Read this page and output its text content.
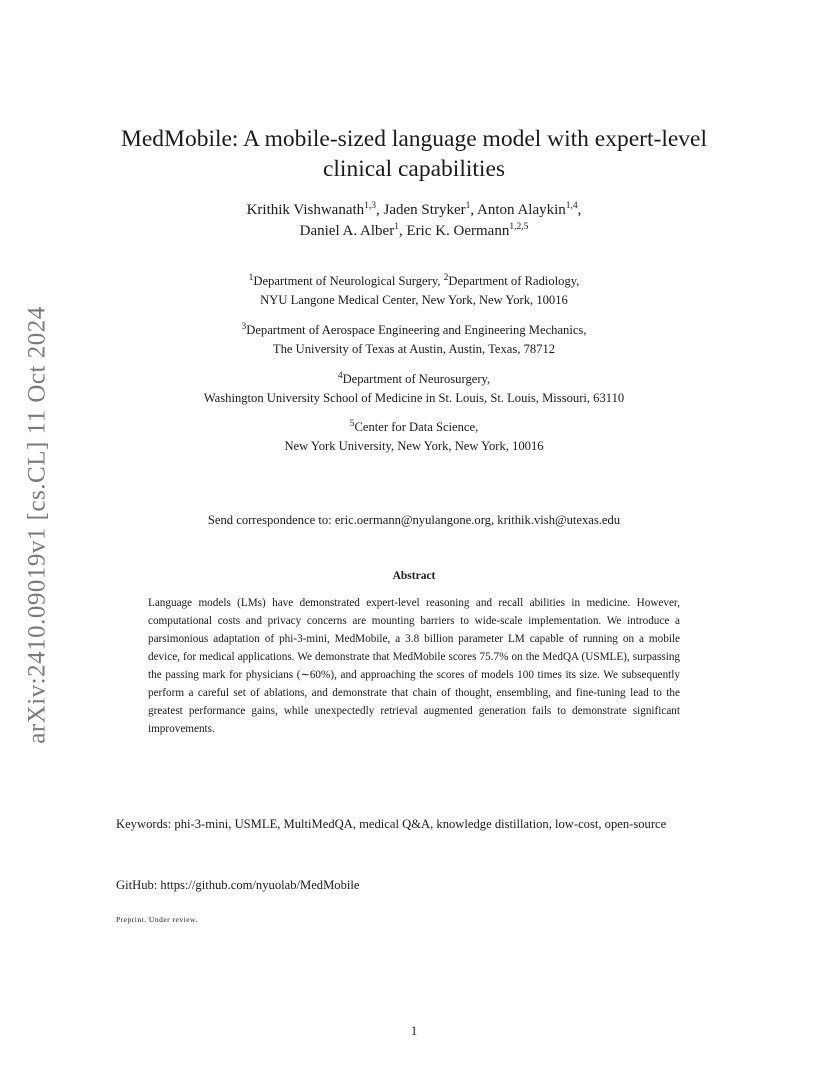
arXiv:2410.09019v1 [cs.CL] 11 Oct 2024
MedMobile: A mobile-sized language model with expert-level
clinical capabilities
Krithik Vishwanath$^{1,3}$, Jaden Stryker$^1$, Anton Alaykin$^{1,4}$,
Daniel A. Alber$^1$, Eric K. Oermann$^{1,2,5}$
$^1$Department of Neurological Surgery, $^2$Department of Radiology,
NYU Langone Medical Center, New York, New York, 10016
$^3$Department of Aerospace Engineering and Engineering Mechanics,
The University of Texas at Austin, Austin, Texas, 78712
$^4$Department of Neurosurgery,
Washington University School of Medicine in St. Louis, St. Louis, Missouri, 63110
$^5$Center for Data Science,
New York University, New York, New York, 10016
Send correspondence to: eric.oermann@nyulangone.org, krithik.vish@utexas.edu
Abstract

Language models (LMs) have demonstrated expert-level reasoning and recall abilities in medicine. However, computational costs and privacy concerns are mounting barriers to wide-scale implementation. We introduce a parsimonious adaptation of phi-3-mini, MedMobile, a 3.8 billion parameter LM capable of running on a mobile device, for medical applications. We demonstrate that MedMobile scores 75.7% on the MedQA (USMLE), surpassing the passing mark for physicians (∼60%), and approaching the scores of models 100 times its size. We subsequently perform a careful set of ablations, and demonstrate that chain of thought, ensembling, and fine-tuning lead to the greatest performance gains, while unexpectedly retrieval augmented generation fails to demonstrate significant improvements.

Keywords: phi-3-mini, USMLE, MultiMedQA, medical Q&A, knowledge distillation, low-cost, open-source
GitHub: https://github.com/nyuolab/MedMobile
Preprint. Under review.
1
